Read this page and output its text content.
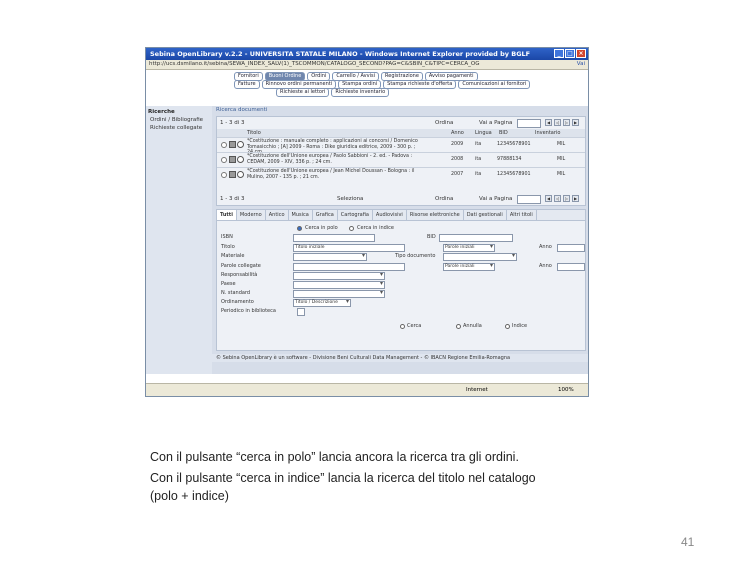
Sebina OpenLibrary v.2.2 - UNIVERSITA STATALE MILANO - Windows Internet Explorer provided by BGLF	_	□ ×
http://ucs.dsmilano.it/sebina/SEWA_INDEX_SALV(1)_TSCOMMON/CATALOGO_SECOND?PAG=C&SBIN_C&TIPC=CERCA_OG	Vai
Fornitori	Buoni Ordine	Ordini	Carrello / Avvisi	Registrazione	Avviso pagamenti
Fatture	Rinnovo ordini permanenti	Stampa ordini	Stampa richieste d'offerta	Comunicazioni ai fornitori
Richieste ai lettori	Richieste inventario
Ricerche
Ordini / Bibliografie
Richieste collegate
Ricerca documenti
1 - 3 di 3	Ordina	Vai a Pagina	◀	◁	▷	▶
Titolo	Anno Lingua BID	Inventario
*Costituzione : manuale completo : applicazioni ai concorsi / Domenico Tomasicchio ; [A] 2009 - Roma : Dike giuridica editrice, 2009 - 300 p. ; 24 cm.
2009 ita	12345678901	MIL
*Costituzione dell'Unione europea / Paolo Sabbioni - 2. ed. - Padova : CEDAM, 2009 - XIV, 336 p. ; 24 cm.	2008 ita	97888134	MIL
*Costituzione dell'Unione europea / Jean Michel Doussan - Bologna : il Mulino, 2007 - 135 p. ; 21 cm.	2007 ita	12345678901	MIL
1 - 3 di 3	Seleziona	Ordina	Vai a Pagina	◀	◁	▷	▶
Tutti	Moderno	Antico	Musica	Grafica	Cartografia	Audiovisivi	Risorse elettroniche	Dati gestionali	Altri titoli
Cerca in polo	Cerca in indice
ISBN	BID
Titolo	Titolo iniziale	Parole iniziali
▾	Anno
Materiale
▾	Tipo documento
▾
Parole collegate	Parole iniziali
▾	Anno
Responsabilità
▾
Paese
▾
N. standard
▾
Ordinamento	Titolo / Descrizione
▾
Periodico in biblioteca
Cerca	Annulla	Indice
© Sebina OpenLibrary è un software - Divisione Beni Culturali Data Management - © IBACN Regione Emilia-Romagna
Internet	100%
Con il pulsante “cerca in polo” lancia ancora la ricerca tra gli ordini.
Con il pulsante “cerca in indice” lancia la ricerca del titolo nel catalogo
(polo + indice)
41
